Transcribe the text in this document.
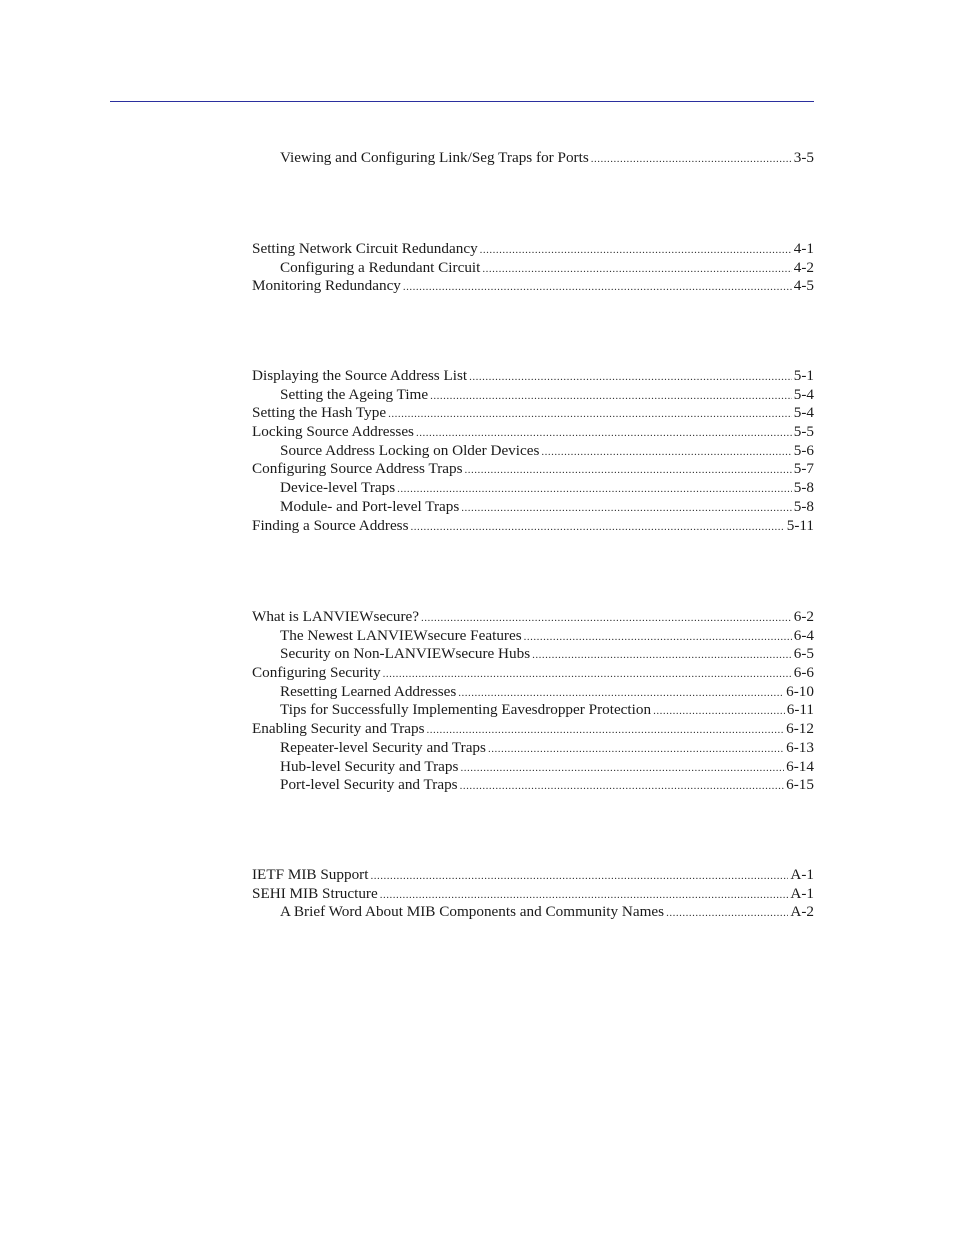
Viewing and Configuring Link/Seg Traps for Ports .....	3-5
Setting Network Circuit Redundancy .....	4-1
Configuring a Redundant Circuit .....	4-2
Monitoring Redundancy .....	4-5
Displaying the Source Address List .....	5-1
Setting the Ageing Time .....	5-4
Setting the Hash Type .....	5-4
Locking Source Addresses .....	5-5
Source Address Locking on Older Devices .....	5-6
Configuring Source Address Traps .....	5-7
Device-level Traps .....	5-8
Module- and Port-level Traps .....	5-8
Finding a Source Address .....	5-11
What is LANVIEWsecure? .....	6-2
The Newest LANVIEWsecure Features .....	6-4
Security on Non-LANVIEWsecure Hubs .....	6-5
Configuring Security .....	6-6
Resetting Learned Addresses .....	6-10
Tips for Successfully Implementing Eavesdropper Protection .....	6-11
Enabling Security and Traps .....	6-12
Repeater-level Security and Traps .....	6-13
Hub-level Security and Traps .....	6-14
Port-level Security and Traps .....	6-15
IETF MIB Support .....	A-1
SEHI MIB Structure .....	A-1
A Brief Word About MIB Components and Community Names .....	A-2
